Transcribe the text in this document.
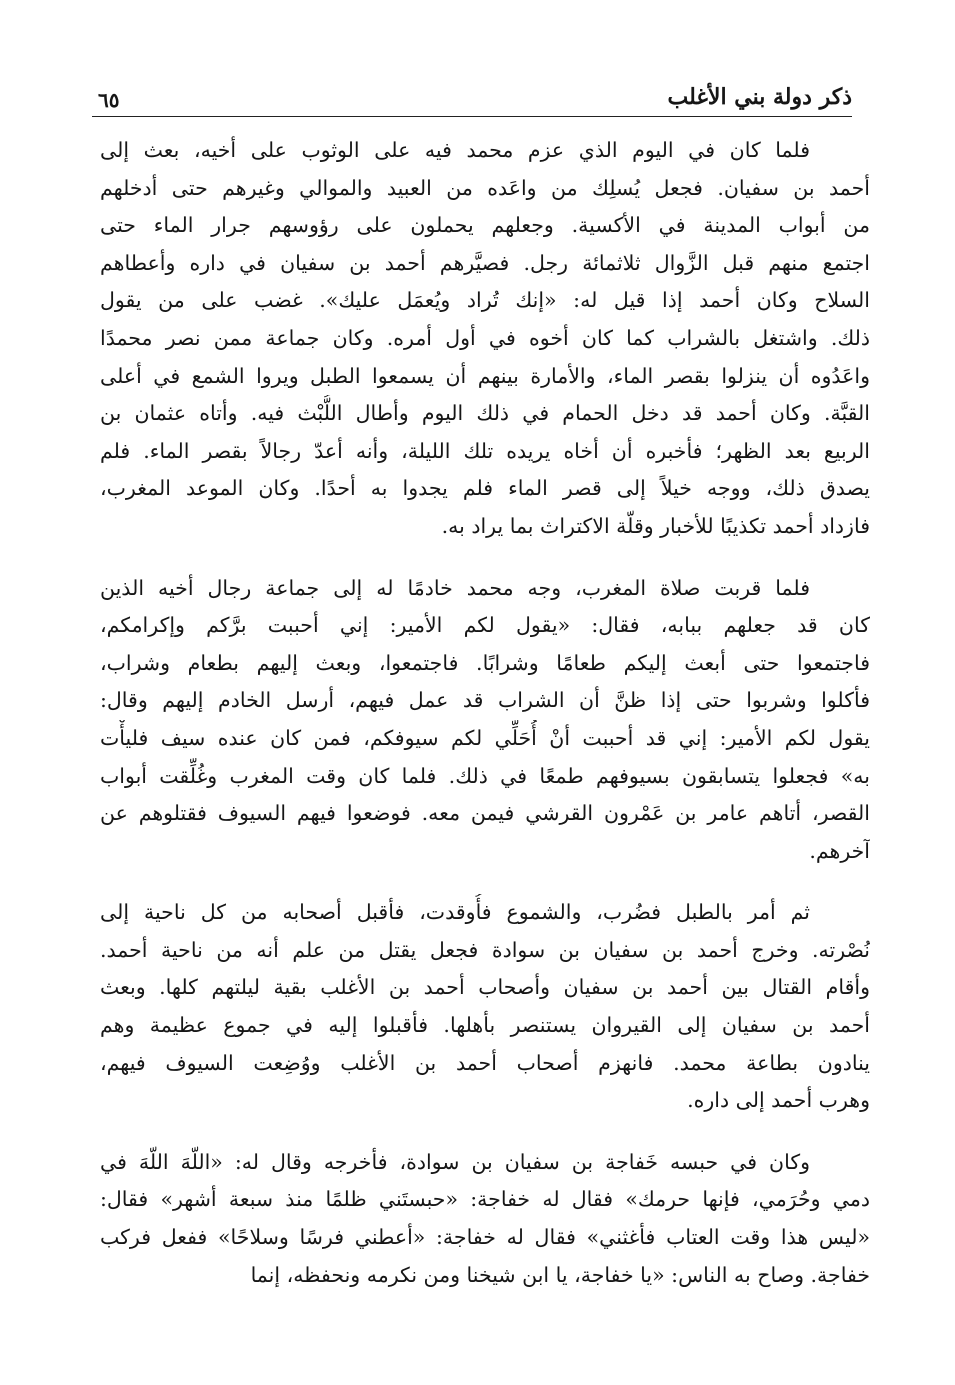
ذكر دولة بني الأغلب
٦٥
فلما كان في اليوم الذي عزم محمد فيه على الوثوب على أخيه، بعث إلى
أحمد بن سفيان. فجعل يُسلِك من واعَده من العبيد والموالي وغيرهم حتى أدخلهم
من أبواب المدينة في الأكسية. وجعلهم يحملون على رؤوسهم جرار الماء حتى
اجتمع منهم قبل الزَّوال ثلاثمائة رجل. فصيَّرهم أحمد بن سفيان في داره وأعطاهم
السلاح وكان أحمد إذا قيل له: «إنك تُراد ويُعمَل عليك». غضب على من يقول
ذلك. واشتغل بالشراب كما كان أخوه في أول أمره. وكان جماعة ممن نصر محمدًا
واعَدُوه أن ينزلوا بقصر الماء، والأمارة بينهم أن يسمعوا الطبل ويروا الشمع في أعلى
القبَّة. وكان أحمد قد دخل الحمام في ذلك اليوم وأطال اللُّبْث فيه. وأتاه عثمان بن
الربيع بعد الظهر؛ فأخبره أن أخاه يريده تلك الليلة، وأنه أعدّ رجالاً بقصر الماء. فلم
يصدق ذلك، ووجه خيلاً إلى قصر الماء فلم يجدوا به أحدًا. وكان الموعد المغرب،
فازداد أحمد تكذيبًا للأخبار وقلّة الاكتراث بما يراد به.
فلما قربت صلاة المغرب، وجه محمد خادمًا له إلى جماعة رجال أخيه الذين
كان قد جعلهم ببابه، فقال: «يقول لكم الأمير: إني أحببت برَّكم وإكرامكم،
فاجتمعوا حتى أبعث إليكم طعامًا وشرابًا. فاجتمعوا، وبعث إليهم بطعام وشراب،
فأكلوا وشربوا حتى إذا ظنَّ أن الشراب قد عمل فيهم، أرسل الخادم إليهم وقال:
يقول لكم الأمير: إني قد أحببت أنْ أُحَلِّي لكم سيوفكم، فمن كان عنده سيف فليأْت
به» فجعلوا يتسابقون بسيوفهم طمعًا في ذلك. فلما كان وقت المغرب وغُلِّقت أبواب
القصر، أتاهم عامر بن عَمْرون القرشي فيمن معه. فوضعوا فيهم السيوف فقتلوهم عن
آخرهم.
ثم أمر بالطبل فضُرب، والشموع فأُوقدت، فأقبل أصحابه من كل ناحية إلى
نُصْرته. وخرج أحمد بن سفيان بن سوادة فجعل يقتل من علم أنه من ناحية أحمد.
وأقام القتال بين أحمد بن سفيان وأصحاب أحمد بن الأغلب بقية ليلتهم كلها. وبعث
أحمد بن سفيان إلى القيروان يستنصر بأهلها. فأقبلوا إليه في جموع عظيمة وهم
ينادون بطاعة محمد. فانهزم أصحاب أحمد بن الأغلب ووُضِعت السيوف فيهم،
وهرب أحمد إلى داره.
وكان في حبسه خَفاجة بن سفيان بن سوادة، فأخرجه وقال له: «اللّهَ اللّهَ في
دمي وحُرَمي، فإنها حرمك» فقال له خفاجة: «حبستَني ظلمًا منذ سبعة أشهر» فقال:
«ليس هذا وقت العتاب فأغثني» فقال له خفاجة: «أعطني فرسًا وسلاحًا» ففعل فركب
خفاجة. وصاح به الناس: «يا خفاجة، يا ابن شيخنا ومن نكرمه ونحفظه، إنما
